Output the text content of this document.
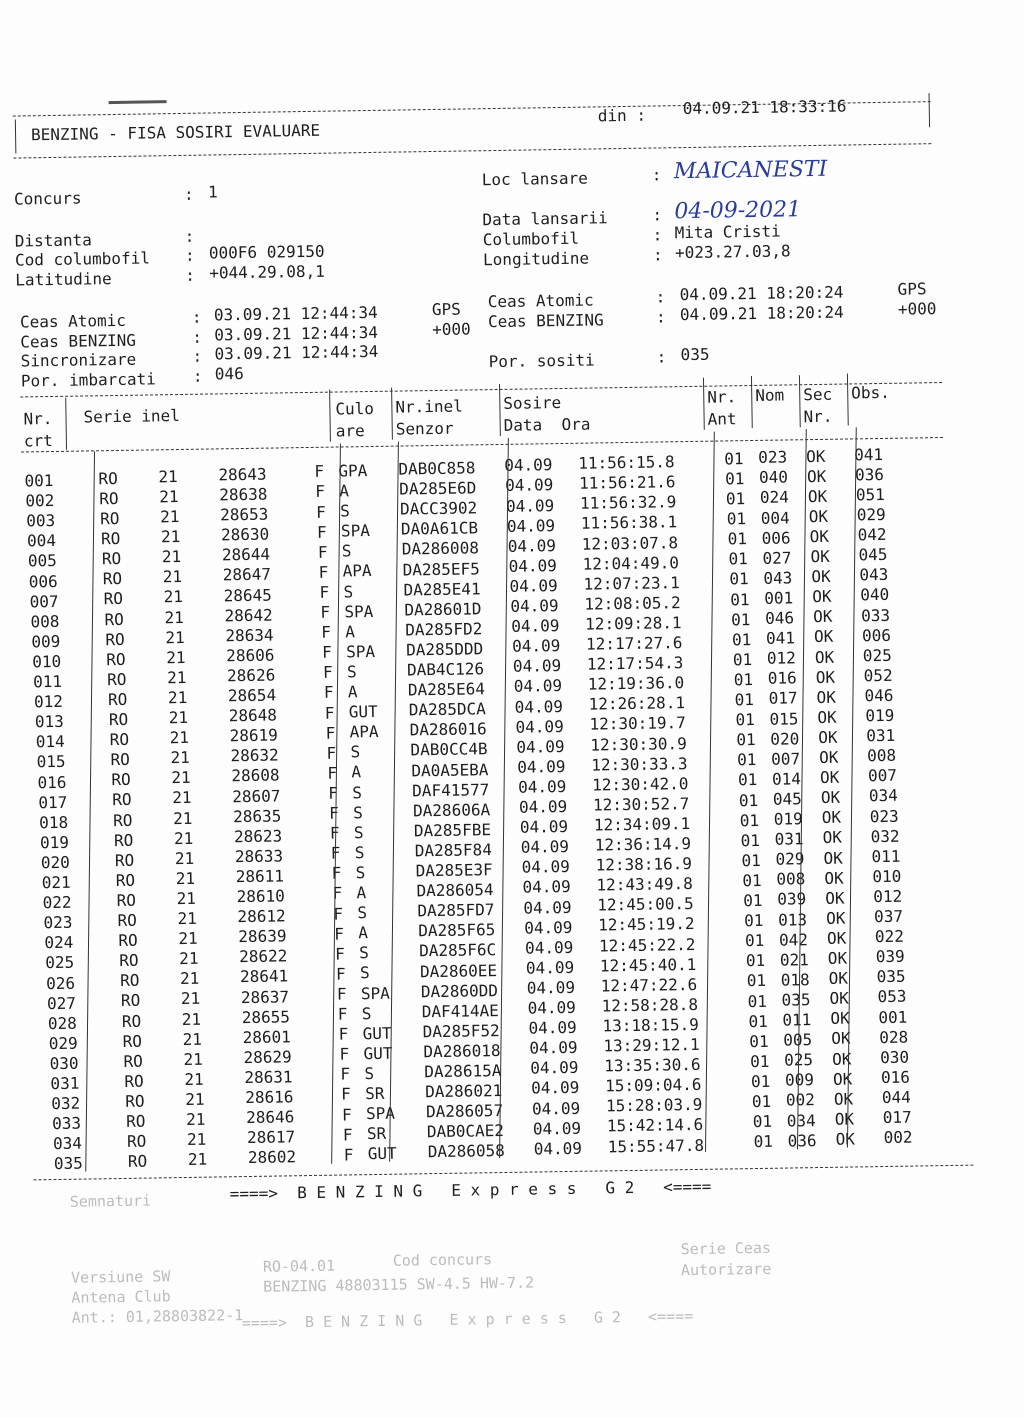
BENZING - FISA SOSIRI EVALUARE
din : 04.09.21 18:33:16
Concurs	: 1
Distanta	:
Cod columbofil : 000F6 029150
Latitudine	: +044.29.08,1
Loc lansare	: MAICANESTI
Data lansarii	: 04-09-2021
Columbofil	: Mita Cristi
Longitudine	: +023.27.03,8
Ceas Atomic	: 03.09.21 12:44:34	GPS
Ceas BENZING	: 03.09.21 12:44:34	+000
Sincronizare	: 03.09.21 12:44:34
Por. imbarcati : 046
Ceas Atomic	: 04.09.21 18:20:24	GPS
Ceas BENZING	: 04.09.21 18:20:24	+000
Por. sositi	: 035
Nr.
crt
Serie inel	Culo
are
Nr.inel
Senzor
Sosire
Data  Ora
Nr.
Ant
Nom Sec
Nr.
Obs.
001	RO	21	28643	F GPA DAB0C858 04.09 11:56:15.8	01 023 OK 041
002	RO	21	28638	F A	DA285E6D 04.09 11:56:21.6	01 040 OK 036
003	RO	21	28653	F S	DACC3902 04.09 11:56:32.9	01 024 OK 051
004	RO	21	28630	F SPA DA0A61CB 04.09 11:56:38.1	01 004 OK 029
005	RO	21	28644	F S	DA286008 04.09 12:03:07.8	01 006 OK 042
006	RO	21	28647	F APA DA285EF5 04.09 12:04:49.0	01 027 OK 045
007	RO	21	28645	F S	DA285E41 04.09 12:07:23.1	01 043 OK 043
008	RO	21	28642	F SPA DA28601D 04.09 12:08:05.2	01 001 OK 040
009	RO	21	28634	F A	DA285FD2 04.09 12:09:28.1	01 046 OK 033
010	RO	21	28606	F SPA DA285DDD 04.09 12:17:27.6	01 041 OK 006
011	RO	21	28626	F S	DAB4C126 04.09 12:17:54.3	01 012 OK 025
012	RO	21	28654	F A	DA285E64 04.09 12:19:36.0	01 016 OK 052
013	RO	21	28648	F GUT DA285DCA 04.09 12:26:28.1	01 017 OK 046
014	RO	21	28619	F APA DA286016 04.09 12:30:19.7	01 015 OK 019
015	RO	21	28632	F S	DAB0CC4B 04.09 12:30:30.9	01 020 OK 031
016	RO	21	28608	F A	DA0A5EBA 04.09 12:30:33.3	01 007 OK 008
017	RO	21	28607	F S	DAF41577 04.09 12:30:42.0	01 014 OK 007
018	RO	21	28635	F S	DA28606A 04.09 12:30:52.7	01 045 OK 034
019	RO	21	28623	F S	DA285FBE 04.09 12:34:09.1	01 019 OK 023
020	RO	21	28633	F S	DA285F84 04.09 12:36:14.9	01 031 OK 032
021	RO	21	28611	F S	DA285E3F 04.09 12:38:16.9	01 029 OK 011
022	RO	21	28610	F A	DA286054 04.09 12:43:49.8	01 008 OK 010
023	RO	21	28612	F S	DA285FD7 04.09 12:45:00.5	01 039 OK 012
024	RO	21	28639	F A	DA285F65 04.09 12:45:19.2	01 013 OK 037
025	RO	21	28622	F S	DA285F6C 04.09 12:45:22.2	01 042 OK 022
026	RO	21	28641	F S	DA2860EE 04.09 12:45:40.1	01 021 OK 039
027	RO	21	28637	F SPA DA2860DD 04.09 12:47:22.6	01 018 OK 035
028	RO	21	28655	F S	DAF414AE 04.09 12:58:28.8	01 035 OK 053
029	RO	21	28601	F GUT DA285F52 04.09 13:18:15.9	01 011 OK 001
030	RO	21	28629	F GUT DA286018 04.09 13:29:12.1	01 005 OK 028
031	RO	21	28631	F S	DA28615A 04.09 13:35:30.6	01 025 OK 030
032	RO	21	28616	F SR	DA286021 04.09 15:09:04.6	01 009 OK 016
033	RO	21	28646	F SPA DA286057 04.09 15:28:03.9	01 002 OK 044
034	RO	21	28617	F SR	DAB0CAE2 04.09 15:42:14.6	01 034 OK 017
035	RO	21	28602	F GUT DA286058 04.09 15:55:47.8	01 036 OK 002
====>  B E N Z I N G   E x p r e s s   G 2   <====
Semnaturi
Versiune SW
RO-04.01	Cod concurs
Serie Ceas
Antena Club
BENZING 48803115 SW-4.5 HW-7.2
Autorizare
Ant.: 01,28803822-1
====>  B E N Z I N G   E x p r e s s   G 2   <====
